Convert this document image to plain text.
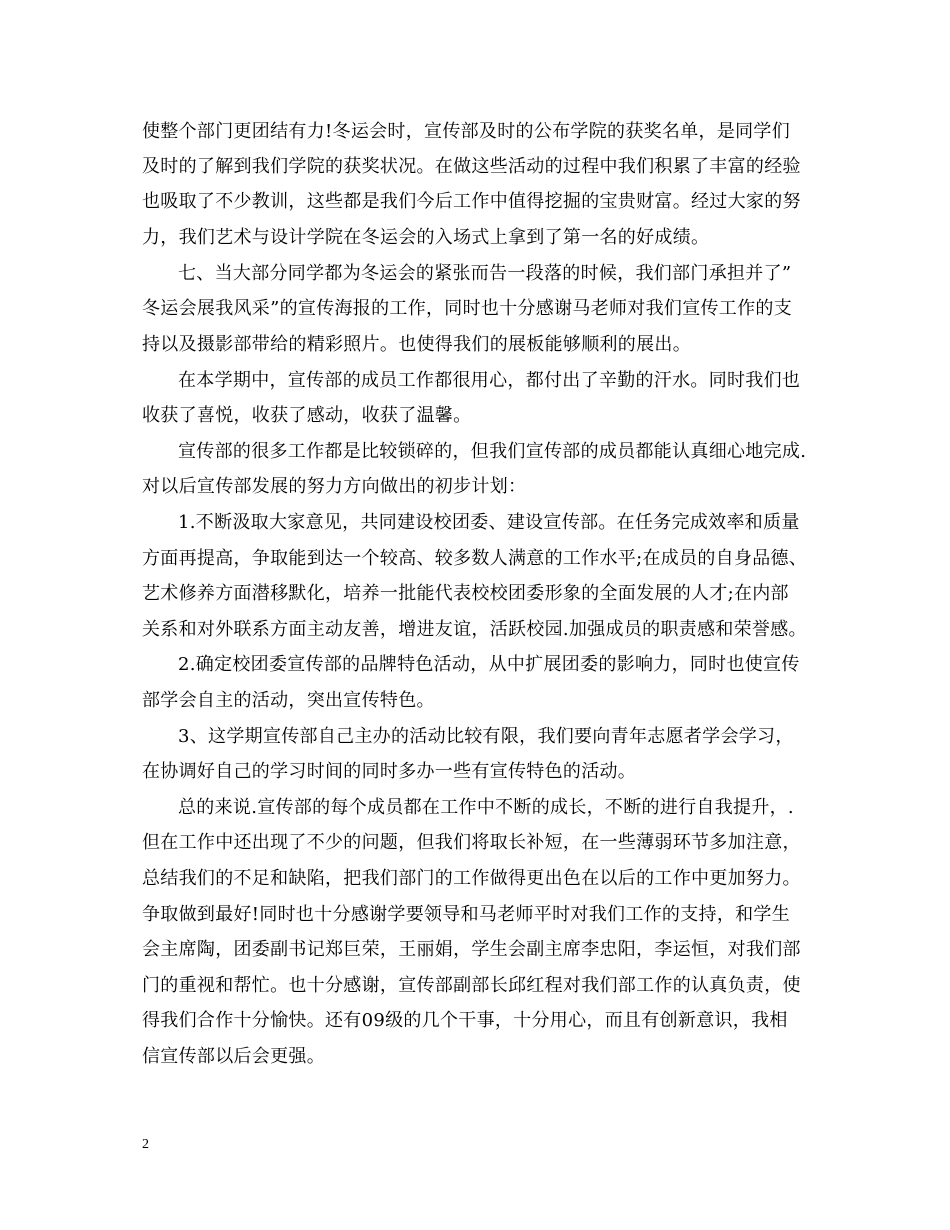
使整个部门更团结有力!冬运会时，宣传部及时的公布学院的获奖名单，是同学们
及时的了解到我们学院的获奖状况。在做这些活动的过程中我们积累了丰富的经验
也吸取了不少教训，这些都是我们今后工作中值得挖掘的宝贵财富。经过大家的努
力，我们艺术与设计学院在冬运会的入场式上拿到了第一名的好成绩。
七、当大部分同学都为冬运会的紧张而告一段落的时候，我们部门承担并了”
冬运会展我风采”的宣传海报的工作，同时也十分感谢马老师对我们宣传工作的支
持以及摄影部带给的精彩照片。也使得我们的展板能够顺利的展出。
在本学期中，宣传部的成员工作都很用心，都付出了辛勤的汗水。同时我们也
收获了喜悦，收获了感动，收获了温馨。
宣传部的很多工作都是比较锁碎的，但我们宣传部的成员都能认真细心地完成.
对以后宣传部发展的努力方向做出的初步计划：
1.不断汲取大家意见，共同建设校团委、建设宣传部。在任务完成效率和质量
方面再提高，争取能到达一个较高、较多数人满意的工作水平;在成员的自身品德、
艺术修养方面潜移默化，培养一批能代表校校团委形象的全面发展的人才;在内部
关系和对外联系方面主动友善，增进友谊，活跃校园.加强成员的职责感和荣誉感。
2.确定校团委宣传部的品牌特色活动，从中扩展团委的影响力，同时也使宣传
部学会自主的活动，突出宣传特色。
3、这学期宣传部自己主办的活动比较有限，我们要向青年志愿者学会学习，
在协调好自己的学习时间的同时多办一些有宣传特色的活动。
总的来说.宣传部的每个成员都在工作中不断的成长，不断的进行自我提升，.
但在工作中还出现了不少的问题，但我们将取长补短，在一些薄弱环节多加注意，
总结我们的不足和缺陷，把我们部门的工作做得更出色在以后的工作中更加努力。
争取做到最好!同时也十分感谢学要领导和马老师平时对我们工作的支持，和学生
会主席陶，团委副书记郑巨荣，王丽娟，学生会副主席李忠阳，李运恒，对我们部
门的重视和帮忙。也十分感谢，宣传部副部长邱红程对我们部工作的认真负责，使
得我们合作十分愉快。还有09级的几个干事，十分用心，而且有创新意识，我相
信宣传部以后会更强。
2
